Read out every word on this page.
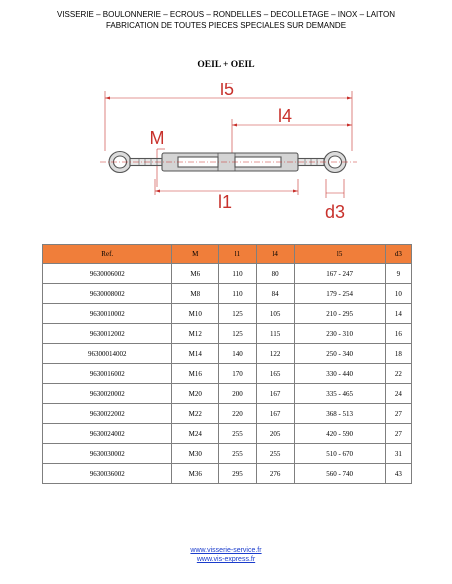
VISSERIE – BOULONNERIE – ECROUS – RONDELLES – DECOLLETAGE – INOX – LAITON
FABRICATION DE TOUTES PIECES SPECIALES SUR DEMANDE
OEIL + OEIL
l5
l4
M
l1	d3
Ref.	M	l1	l4	l5	d3
9630006002	M6	110	80	167 - 247	9
9630008002	M8	110	84	179 - 254	10
9630010002	M10	125	105	210 - 295	14
9630012002	M12	125	115	230 - 310	16
96300014002	M14	140	122	250 - 340	18
9630016002	M16	170	165	330 - 440	22
9630020002	M20	200	167	335 - 465	24
9630022002	M22	220	167	368 - 513	27
9630024002	M24	255	205	420 - 590	27
9630030002	M30	255	255	510 - 670	31
9630036002	M36	295	276	560 - 740	43
www.visserie-service.fr
www.vis-express.fr
